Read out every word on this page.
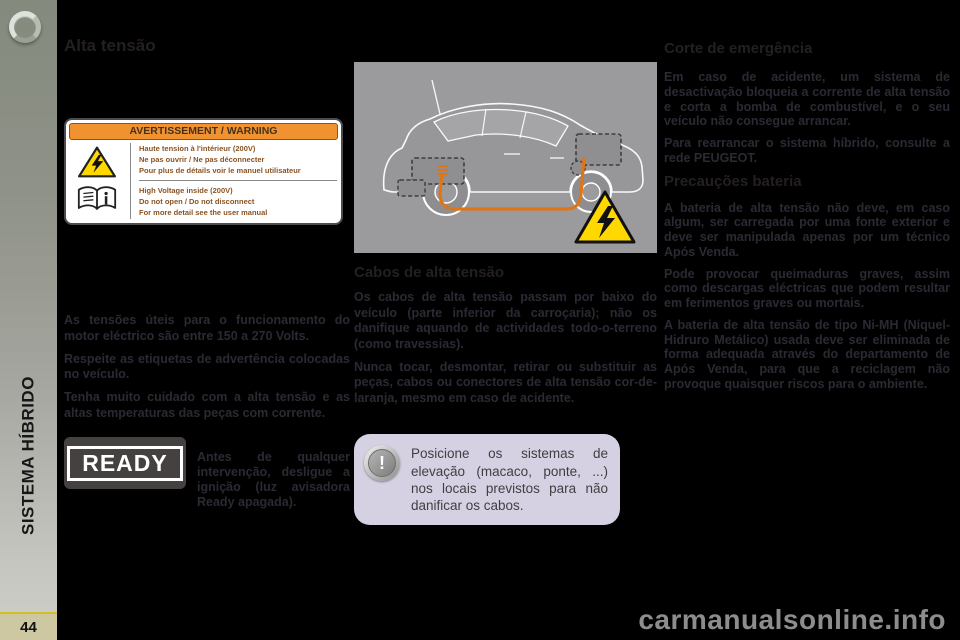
SISTEMA HÍBRIDO
44
Alta tensão
AVERTISSEMENT / WARNING
Haute tension à l'intérieur (200V)
Ne pas ouvrir / Ne pas déconnecter
Pour plus de détails voir le manuel utilisateur
High Voltage inside (200V)
Do not open / Do not disconnect
For more detail see the user manual

As tensões úteis para o funcionamento do motor eléctrico são entre 150 a 270 Volts.

Respeite as etiquetas de advertência colocadas no veículo.

Tenha muito cuidado com a alta tensão e as altas temperaturas das peças com corrente.

READY	Antes de qualquer intervenção, desligue a ignição (luz avisadora Ready apagada).

Cabos de alta tensão

Os cabos de alta tensão passam por baixo do veículo (parte inferior da carroçaria); não os danifique aquando de actividades todo-o-terreno (como travessias).

Nunca tocar, desmontar, retirar ou substituir as peças, cabos ou conectores de alta tensão cor-de-laranja, mesmo em caso de acidente.

!	Posicione os sistemas de elevação (macaco, ponte, ...) nos locais previstos para não danificar os cabos.
Corte de emergência

Em caso de acidente, um sistema de desactivação bloqueia a corrente de alta tensão e corta a bomba de combustível, e o seu veículo não consegue arrancar.

Para rearrancar o sistema híbrido, consulte a rede PEUGEOT.

Precauções bateria

A bateria de alta tensão não deve, em caso algum, ser carregada por uma fonte exterior e deve ser manipulada apenas por um técnico Após Venda.

Pode provocar queimaduras graves, assim como descargas eléctricas que podem resultar em ferimentos graves ou mortais.

A bateria de alta tensão de tipo Ni-MH (Níquel-Hidruro Metálico) usada deve ser eliminada de forma adequada através do departamento de Após Venda, para que a reciclagem não provoque quaisquer riscos para o ambiente.

carmanualsonline.info
